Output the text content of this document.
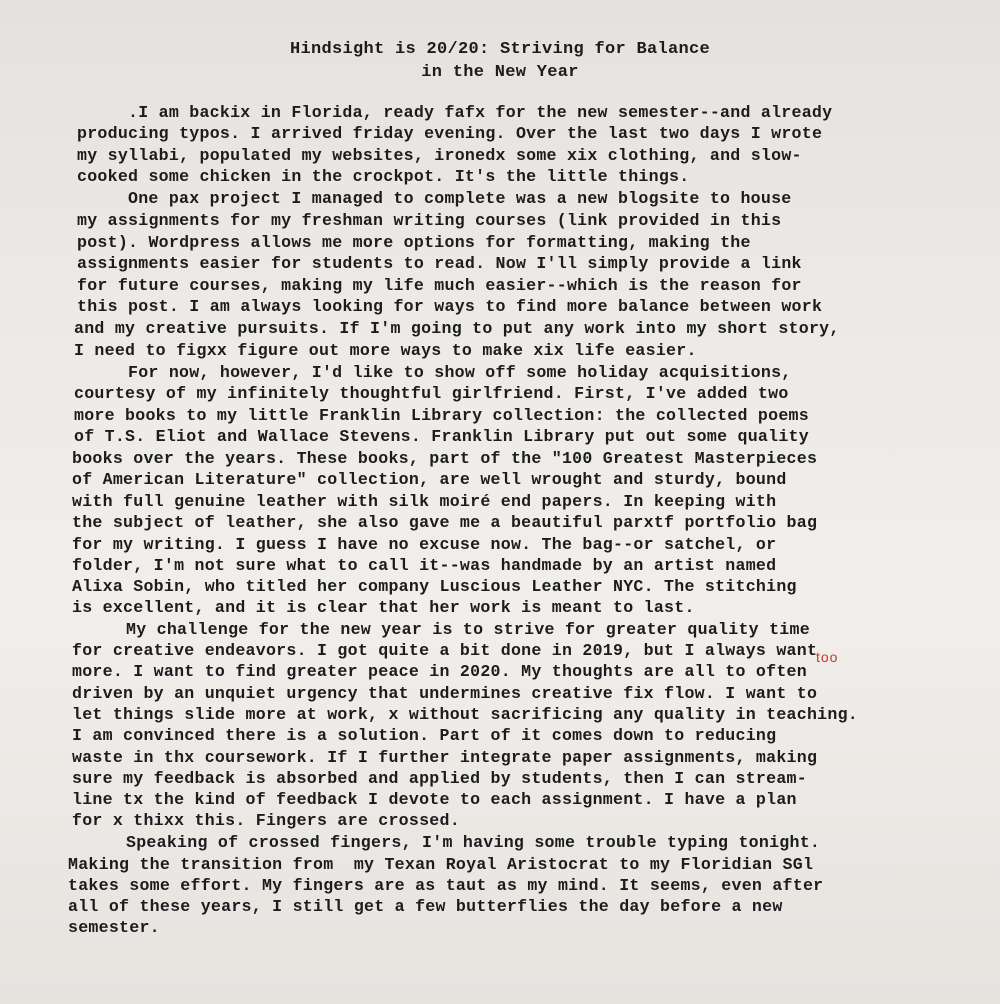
Hindsight is 20/20: Striving for Balance
in the New Year
.I am backix in Florida, ready fafx for the new semester--and already
producing typos. I arrived friday evening. Over the last two days I wrote
my syllabi, populated my websites, ironedx some xix clothing, and slow-
cooked some chicken in the crockpot. It's the little things.
One pax project I managed to complete was a new blogsite to house
my assignments for my freshman writing courses (link provided in this
post). Wordpress allows me more options for formatting, making the
assignments easier for students to read. Now I'll simply provide a link
for future courses, making my life much easier--which is the reason for
this post. I am always looking for ways to find more balance between work
and my creative pursuits. If I'm going to put any work into my short story,
I need to figxx figure out more ways to make xix life easier.
For now, however, I'd like to show off some holiday acquisitions,
courtesy of my infinitely thoughtful girlfriend. First, I've added two
more books to my little Franklin Library collection: the collected poems
of T.S. Eliot and Wallace Stevens. Franklin Library put out some quality
books over the years. These books, part of the "100 Greatest Masterpieces
of American Literature" collection, are well wrought and sturdy, bound
with full genuine leather with silk moiré end papers. In keeping with
the subject of leather, she also gave me a beautiful parxtf portfolio bag
for my writing. I guess I have no excuse now. The bag--or satchel, or
folder, I'm not sure what to call it--was handmade by an artist named
Alixa Sobin, who titled her company Luscious Leather NYC. The stitching
is excellent, and it is clear that her work is meant to last.
My challenge for the new year is to strive for greater quality time
for creative endeavors. I got quite a bit done in 2019, but I always want
more. I want to find greater peace in 2020. My thoughts are all to often
driven by an unquiet urgency that undermines creative fix flow. I want to
let things slide more at work, x without sacrificing any quality in teaching.
I am convinced there is a solution. Part of it comes down to reducing
waste in thx coursework. If I further integrate paper assignments, making
sure my feedback is absorbed and applied by students, then I can stream-
line tx the kind of feedback I devote to each assignment. I have a plan
for x thixx this. Fingers are crossed.
Speaking of crossed fingers, I'm having some trouble typing tonight.
Making the transition from  my Texan Royal Aristocrat to my Floridian SGl
takes some effort. My fingers are as taut as my mind. It seems, even after
all of these years, I still get a few butterflies the day before a new
semester.
too
